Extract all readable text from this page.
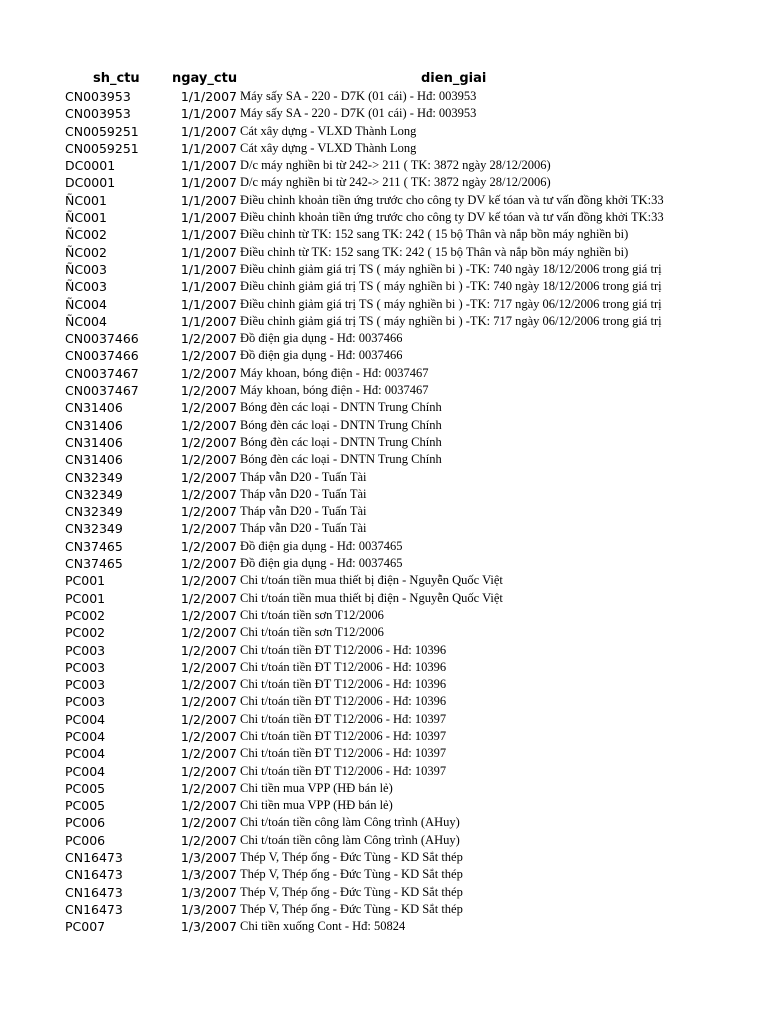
sh_ctu ngay_ctu	dien_giai
CN003953	1/1/2007 Máy sấy SA - 220 - D7K (01 cái) - Hđ: 003953
CN003953	1/1/2007 Máy sấy SA - 220 - D7K (01 cái) - Hđ: 003953
CN0059251	1/1/2007 Cát xây dựng - VLXD Thành Long
CN0059251	1/1/2007 Cát xây dựng - VLXD Thành Long
DC0001	1/1/2007 D/c máy nghiền bi từ 242-> 211 ( TK: 3872 ngày 28/12/2006)
DC0001	1/1/2007 D/c máy nghiền bi từ 242-> 211 ( TK: 3872 ngày 28/12/2006)
ÑC001	1/1/2007 Điều chỉnh khoản tiền ứng trước cho công ty DV kế tóan và tư vấn đồng khởi TK:33
ÑC001	1/1/2007 Điều chỉnh khoản tiền ứng trước cho công ty DV kế tóan và tư vấn đồng khởi TK:33
ÑC002	1/1/2007 Điều chỉnh từ TK: 152 sang TK: 242 ( 15 bộ Thân và nắp bồn máy nghiền bi)
ÑC002	1/1/2007 Điều chỉnh từ TK: 152 sang TK: 242 ( 15 bộ Thân và nắp bồn máy nghiền bi)
ÑC003	1/1/2007 Điều chỉnh giảm giá trị TS ( máy nghiền bi ) -TK: 740 ngày 18/12/2006 trong giá trị
ÑC003	1/1/2007 Điều chỉnh giảm giá trị TS ( máy nghiền bi ) -TK: 740 ngày 18/12/2006 trong giá trị
ÑC004	1/1/2007 Điều chỉnh giảm giá trị TS ( máy nghiền bi ) -TK: 717 ngày 06/12/2006 trong giá trị
ÑC004	1/1/2007 Điều chỉnh giảm giá trị TS ( máy nghiền bi ) -TK: 717 ngày 06/12/2006 trong giá trị
CN0037466	1/2/2007 Đồ điện gia dụng - Hđ: 0037466
CN0037466	1/2/2007 Đồ điện gia dụng - Hđ: 0037466
CN0037467	1/2/2007 Máy khoan, bóng điện - Hđ: 0037467
CN0037467	1/2/2007 Máy khoan, bóng điện - Hđ: 0037467
CN31406	1/2/2007 Bóng đèn các loại - DNTN Trung Chính
CN31406	1/2/2007 Bóng đèn các loại - DNTN Trung Chính
CN31406	1/2/2007 Bóng đèn các loại - DNTN Trung Chính
CN31406	1/2/2007 Bóng đèn các loại - DNTN Trung Chính
CN32349	1/2/2007 Tháp vẫn D20 - Tuấn Tài
CN32349	1/2/2007 Tháp vẫn D20 - Tuấn Tài
CN32349	1/2/2007 Tháp vẫn D20 - Tuấn Tài
CN32349	1/2/2007 Tháp vẫn D20 - Tuấn Tài
CN37465	1/2/2007 Đồ điện gia dụng - Hđ: 0037465
CN37465	1/2/2007 Đồ điện gia dụng - Hđ: 0037465
PC001	1/2/2007 Chi t/toán tiền mua thiết bị điện - Nguyễn Quốc Việt
PC001	1/2/2007 Chi t/toán tiền mua thiết bị điện - Nguyễn Quốc Việt
PC002	1/2/2007 Chi t/toán tiền sơn T12/2006
PC002	1/2/2007 Chi t/toán tiền sơn T12/2006
PC003	1/2/2007 Chi t/toán tiền ĐT T12/2006 - Hđ: 10396
PC003	1/2/2007 Chi t/toán tiền ĐT T12/2006 - Hđ: 10396
PC003	1/2/2007 Chi t/toán tiền ĐT T12/2006 - Hđ: 10396
PC003	1/2/2007 Chi t/toán tiền ĐT T12/2006 - Hđ: 10396
PC004	1/2/2007 Chi t/toán tiền ĐT T12/2006 - Hđ: 10397
PC004	1/2/2007 Chi t/toán tiền ĐT T12/2006 - Hđ: 10397
PC004	1/2/2007 Chi t/toán tiền ĐT T12/2006 - Hđ: 10397
PC004	1/2/2007 Chi t/toán tiền ĐT T12/2006 - Hđ: 10397
PC005	1/2/2007 Chi tiền mua VPP (HĐ bán lẻ)
PC005	1/2/2007 Chi tiền mua VPP (HĐ bán lẻ)
PC006	1/2/2007 Chi t/toán tiền công làm Công trình (AHuy)
PC006	1/2/2007 Chi t/toán tiền công làm Công trình (AHuy)
CN16473	1/3/2007 Thép V, Thép ống - Đức Tùng - KD Sắt thép
CN16473	1/3/2007 Thép V, Thép ống - Đức Tùng - KD Sắt thép
CN16473	1/3/2007 Thép V, Thép ống - Đức Tùng - KD Sắt thép
CN16473	1/3/2007 Thép V, Thép ống - Đức Tùng - KD Sắt thép
PC007	1/3/2007 Chi tiền xuống Cont - Hđ: 50824
